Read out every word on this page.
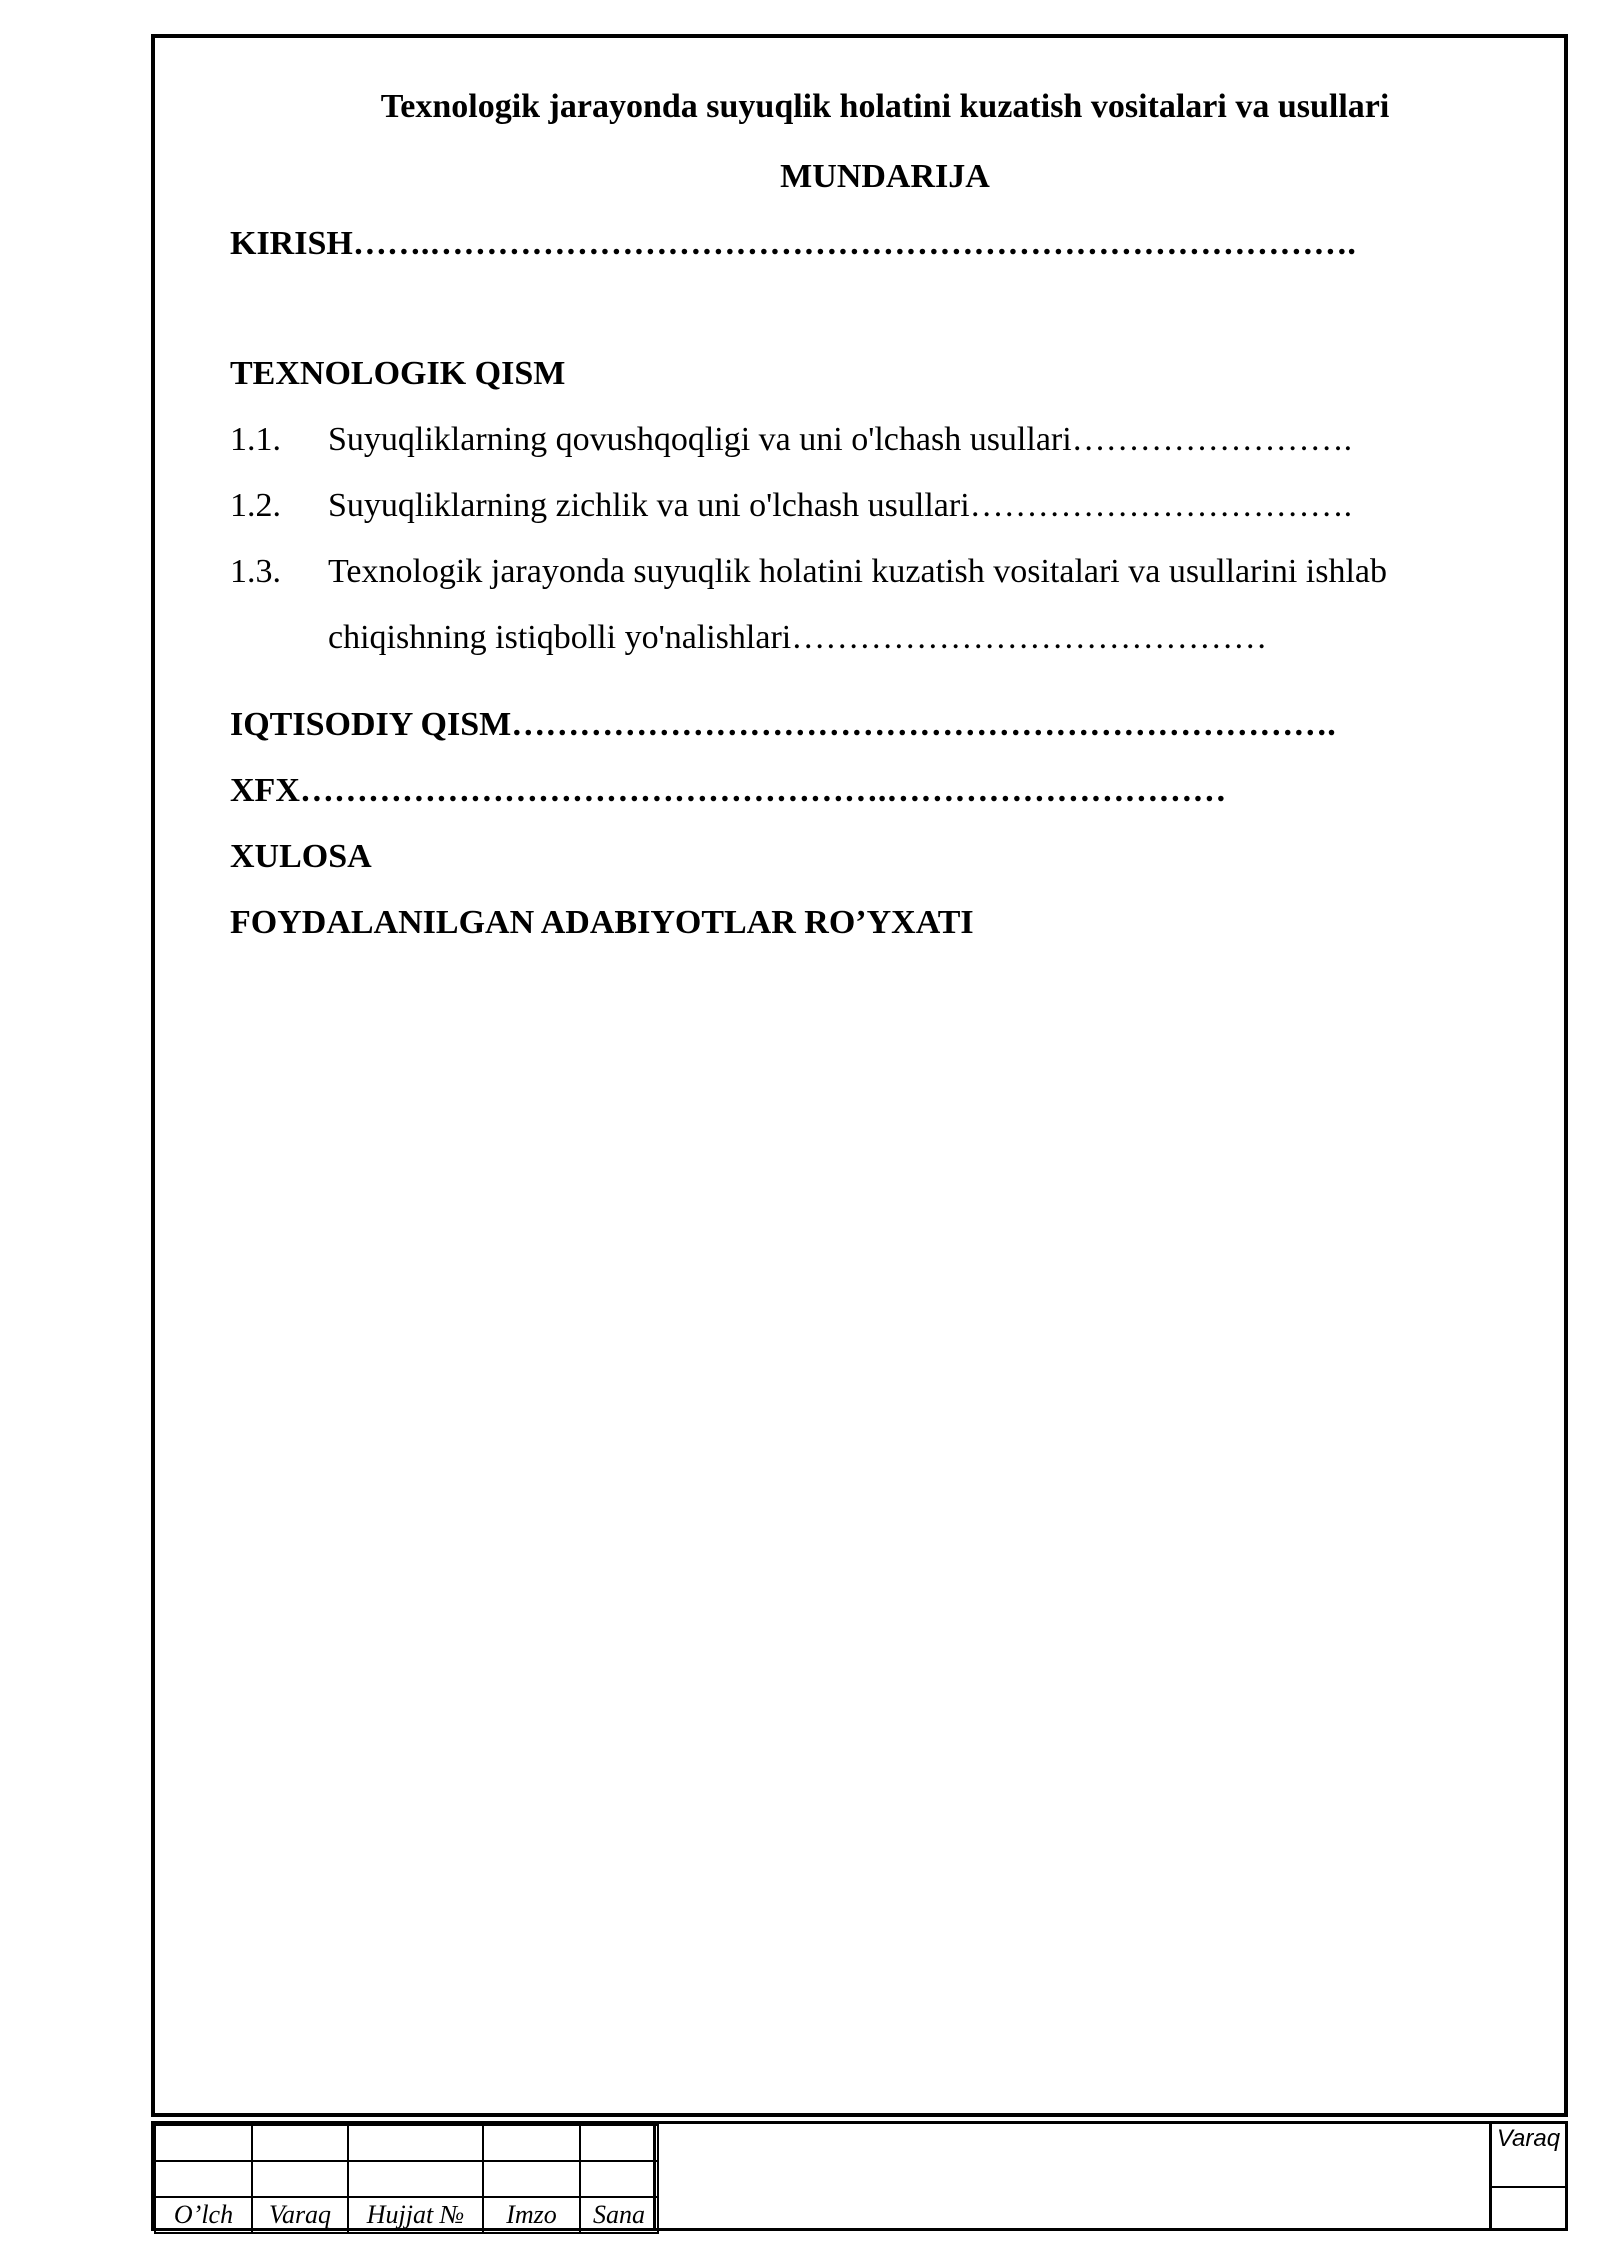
Texnologik jarayonda suyuqlik holatini kuzatish vositalari va usullari
MUNDARIJA
KIRISH…….……………………………………………………………………….
TEXNOLOGIK QISM
1.1. Suyuqliklarning qovushqoqligi va uni o'lchash usullari…………………….
1.2. Suyuqliklarning zichlik va uni o'lchash usullari…………………………….
1.3. Texnologik jarayonda suyuqlik holatini kuzatish vositalari va usullarini ishlab
chiqishning istiqbolli yo'nalishlari……………………………………
IQTISODIY QISM……………………………………………………………….
XFX…………………………………………….…………………………
XULOSA
FOYDALANILGAN ADABIYOTLAR RO’YXATI

O’lch	Varaq	Hujjat №	Imzo	Sana
Varaq
